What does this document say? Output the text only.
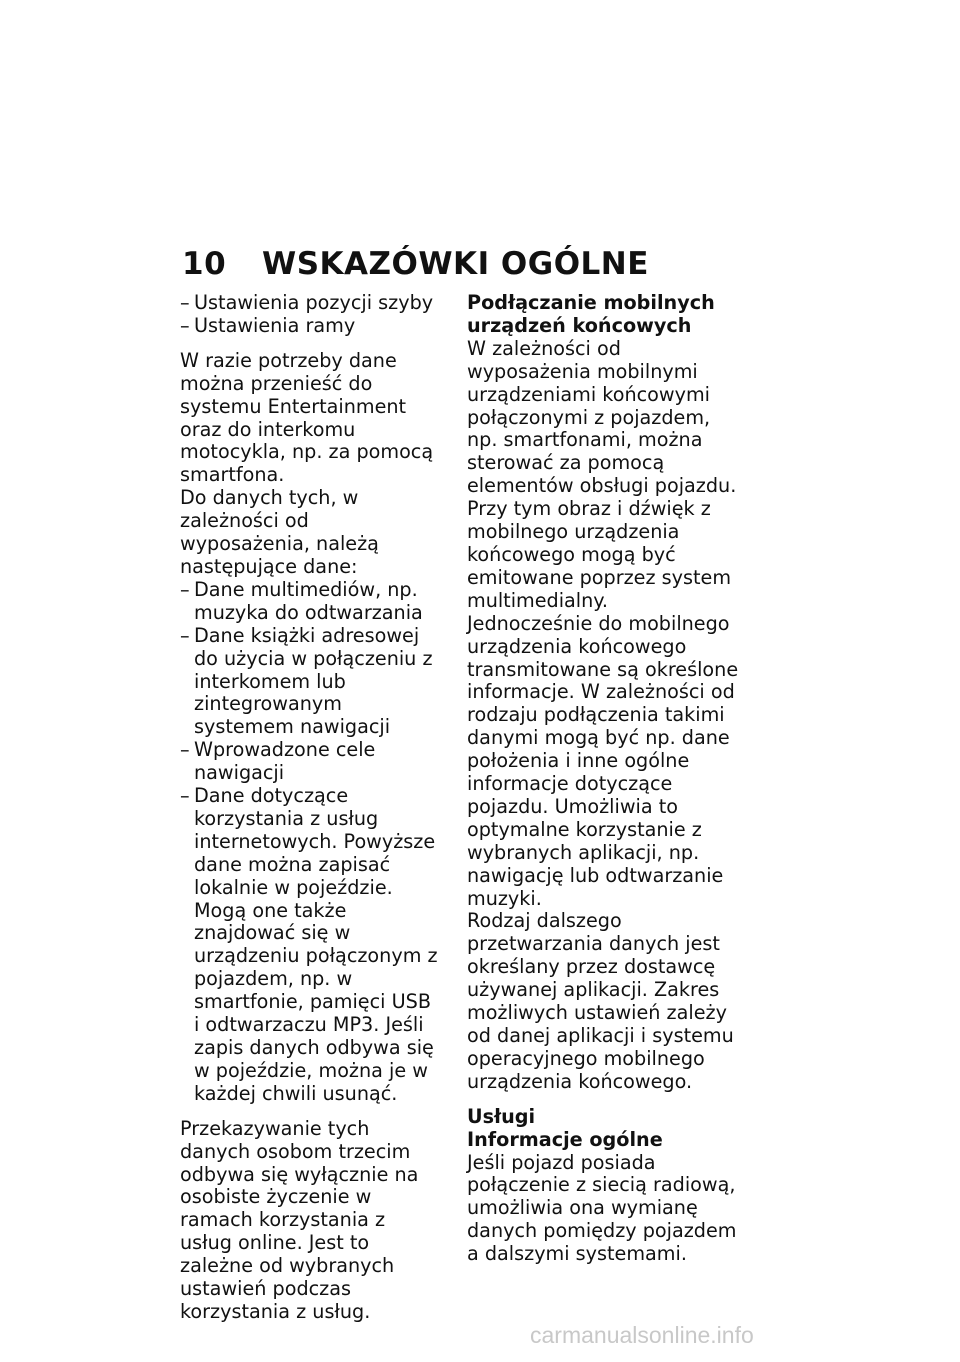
10 WSKAZÓWKI OGÓLNE

– Ustawienia pozycji szyby

– Ustawienia ramy

W razie potrzeby dane można przenieść do systemu Entertainment oraz do interkomu motocykla, np. za pomocą smartfona.

Do danych tych, w zależności od wyposażenia, należą następujące dane:

– Dane multimediów, np. muzyka do odtwarzania

– Dane książki adresowej do użycia w połączeniu z interkomem lub zintegrowanym systemem nawigacji

– Wprowadzone cele nawigacji

– Dane dotyczące korzystania z usług internetowych. Powyższe dane można zapisać lokalnie w pojeździe. Mogą one także znajdować się w urządzeniu połączonym z pojazdem, np. w smartfonie, pamięci USB i odtwarzaczu MP3. Jeśli zapis danych odbywa się w pojeździe, można je w każdej chwili usunąć.

Przekazywanie tych danych osobom trzecim odbywa się wyłącznie na osobiste życzenie w ramach korzystania z usług online. Jest to zależne od wybranych ustawień podczas korzystania z usług.

Podłączanie mobilnych urządzeń końcowych

W zależności od wyposażenia mobilnymi urządzeniami końcowymi połączonymi z pojazdem, np. smartfonami, można sterować za pomocą elementów obsługi pojazdu.

Przy tym obraz i dźwięk z mobilnego urządzenia końcowego mogą być emitowane poprzez system multimedialny. Jednocześnie do mobilnego urządzenia końcowego transmitowane są określone informacje. W zależności od rodzaju podłączenia takimi danymi mogą być np. dane położenia i inne ogólne informacje dotyczące pojazdu. Umożliwia to optymalne korzystanie z wybranych aplikacji, np. nawigację lub odtwarzanie muzyki.

Rodzaj dalszego przetwarzania danych jest określany przez dostawcę używanej aplikacji. Zakres możliwych ustawień zależy od danej aplikacji i systemu operacyjnego mobilnego urządzenia końcowego.

Usługi

Informacje ogólne

Jeśli pojazd posiada połączenie z siecią radiową, umożliwia ona wymianę danych pomiędzy pojazdem a dalszymi systemami.

carmanualsonline.info
